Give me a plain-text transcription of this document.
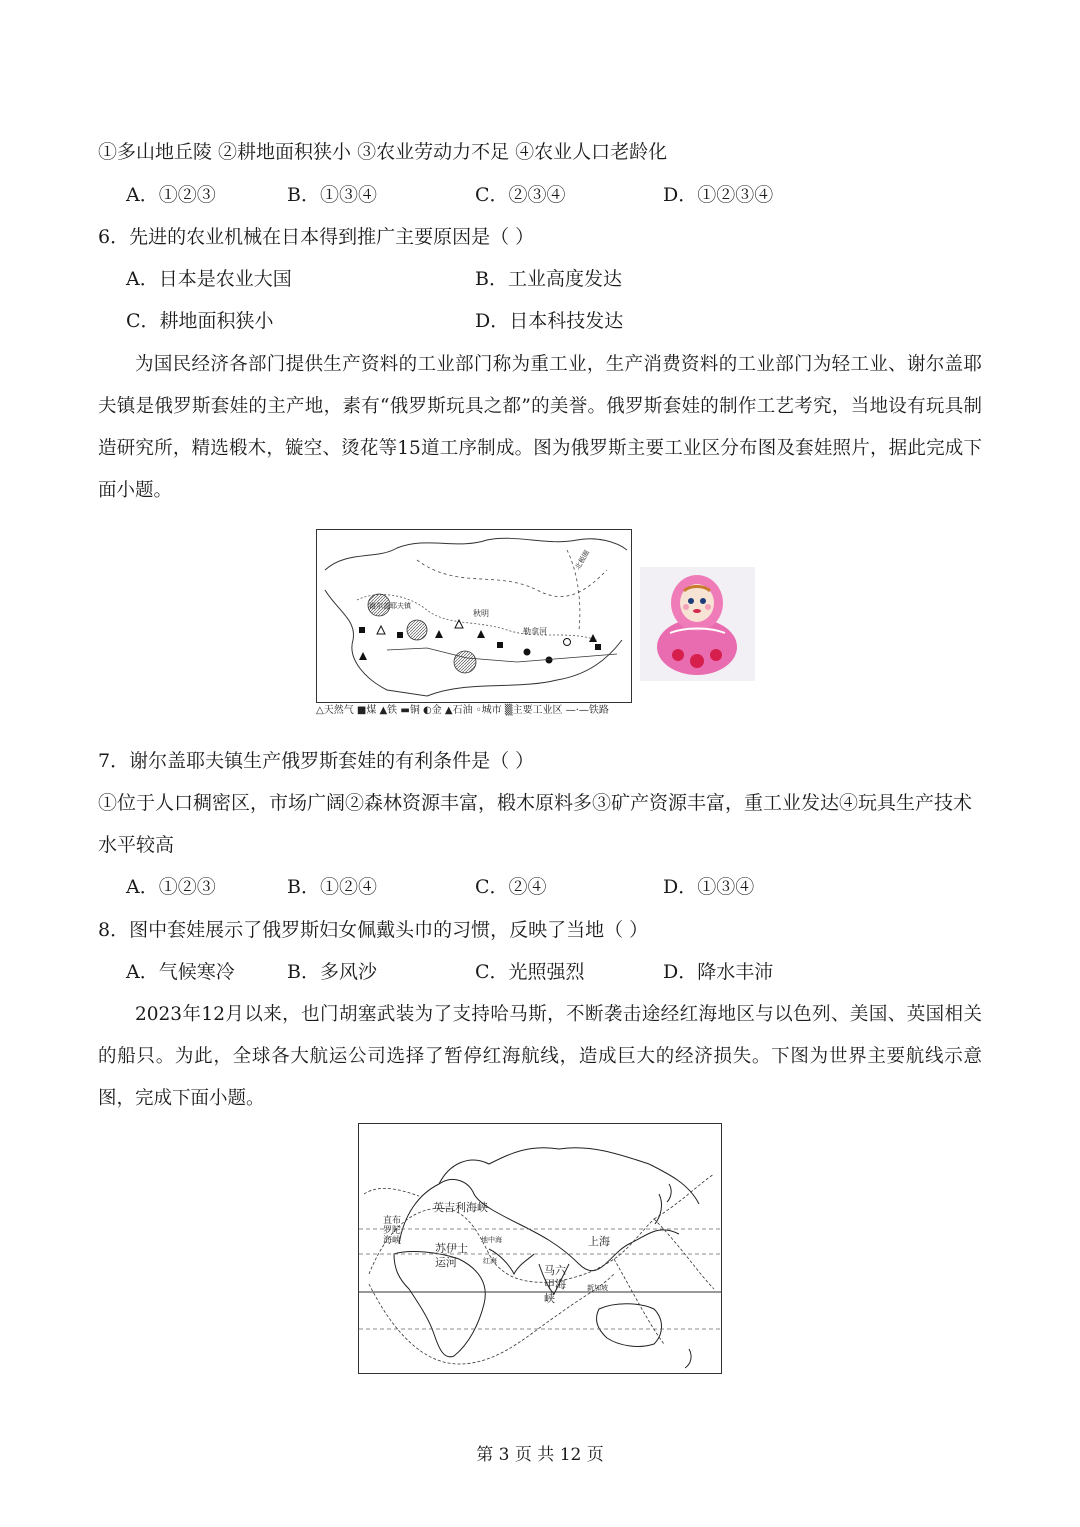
①多山地丘陵 ②耕地面积狭小 ③农业劳动力不足 ④农业人口老龄化
A．①②③	B．①③④	C．②③④	D．①②③④
6．先进的农业机械在日本得到推广主要原因是（ ）
A．日本是农业大国	B．工业高度发达
C．耕地面积狭小	D．日本科技发达
为国民经济各部门提供生产资料的工业部门称为重工业，生产消费资料的工业部门为轻工业、谢尔盖耶夫镇是俄罗斯套娃的主产地，素有“俄罗斯玩具之都”的美誉。俄罗斯套娃的制作工艺考究，当地设有玩具制造研究所，精选椴木，镟空、烫花等15道工序制成。图为俄罗斯主要工业区分布图及套娃照片，据此完成下面小题。
谢尔盖耶夫镇
秋明
勒拿河
北极圈
△天然气 ■煤 ▲铁 ▬铜 ◐金 ▲石油 ◦城市 ▒主要工业区 —·—铁路
7．谢尔盖耶夫镇生产俄罗斯套娃的有利条件是（ ）
①位于人口稠密区，市场广阔②森林资源丰富，椴木原料多③矿产资源丰富，重工业发达④玩具生产技术
水平较高
A．①②③	B．①②④	C．②④	D．①③④
8．图中套娃展示了俄罗斯妇女佩戴头巾的习惯，反映了当地（ ）
A．气候寒冷	B．多风沙	C．光照强烈	D．降水丰沛
2023年12月以来，也门胡塞武装为了支持哈马斯，不断袭击途经红海地区与以色列、美国、英国相关的船只。为此，全球各大航运公司选择了暂停红海航线，造成巨大的经济损失。下图为世界主要航线示意图，完成下面小题。
英吉利海峡
直布罗陀海峡
苏伊士运河
地中海
红海
马六甲海峡
上海
新加坡
第 3 页 共 12 页
